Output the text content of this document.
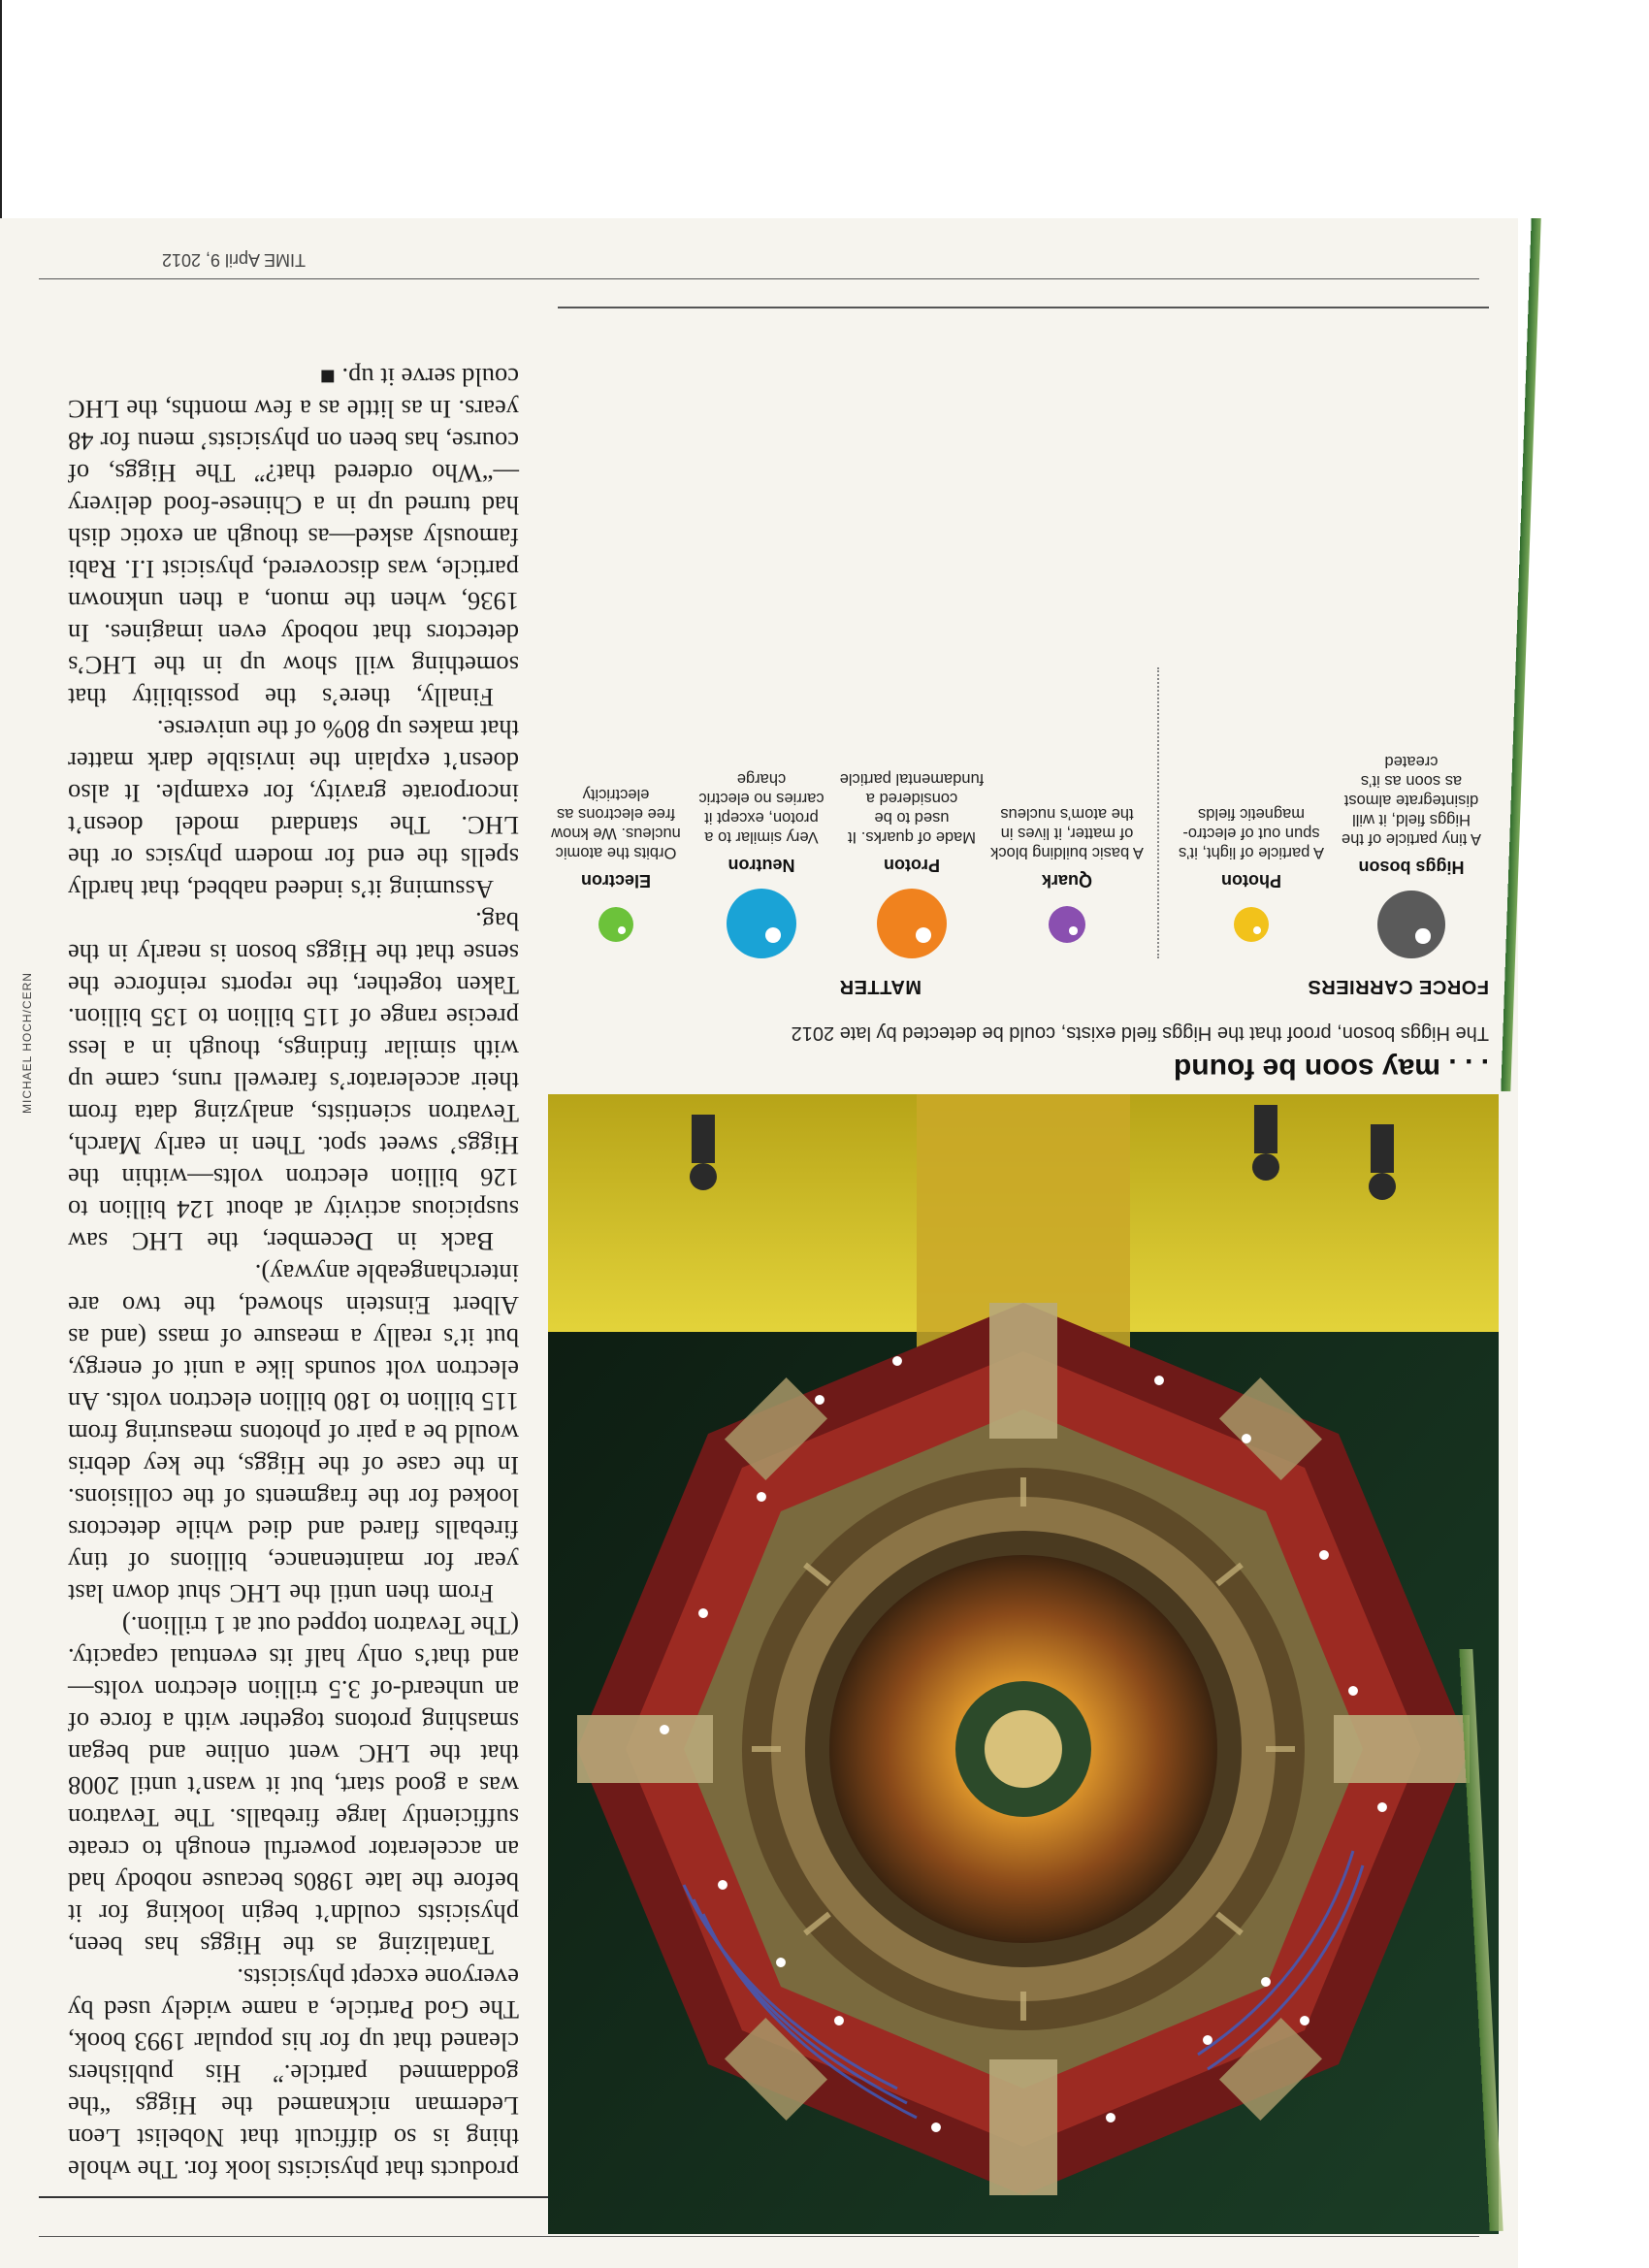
products that physicists look for. The whole thing is so difficult that Nobelist Leon Lederman nicknamed the Higgs “the goddamned particle.” His publishers cleaned that up for his popular 1993 book, The God Particle, a name widely used by everyone except physicists.

Tantalizing as the Higgs has been, physicists couldn’t begin looking for it before the late 1980s because nobody had an accelerator powerful enough to create sufficiently large fireballs. The Tevatron was a good start, but it wasn’t until 2008 that the LHC went online and began smashing protons together with a force of an unheard-of 3.5 trillion electron volts—and that’s only half its eventual capacity. (The Tevatron topped out at 1 trillion.)

From then until the LHC shut down last year for maintenance, billions of tiny fireballs flared and died while detectors looked for the fragments of the collisions. In the case of the Higgs, the key debris would be a pair of photons measuring from 115 billion to 180 billion electron volts. An electron volt sounds like a unit of energy, but it’s really a measure of mass (and as Albert Einstein showed, the two are interchangeable anyway).

Back in December, the LHC saw suspicious activity at about 124 billion to 126 billion electron volts—within the Higgs’ sweet spot. Then in early March, Tevatron scientists, analyzing data from their accelerator’s farewell runs, came up with similar findings, though in a less precise range of 115 billion to 135 billion. Taken together, the reports reinforce the sense that the Higgs boson is nearly in the bag.

Assuming it’s indeed nabbed, that hardly spells the end for modern physics or the LHC. The standard model doesn’t incorporate gravity, for example. It also doesn’t explain the invisible dark matter that makes up 80% of the universe.

Finally, there’s the possibility that something will show up in the LHC’s detectors that nobody even imagines. In 1936, when the muon, a then unknown particle, was discovered, physicist I.I. Rabi famously asked—as though an exotic dish had turned up in a Chinese-food delivery—“Who ordered that?” The Higgs, of course, has been on physicists’ menu for 48 years. In as little as a few months, the LHC could serve it up. ■

MICHAEL HOCH/CERN	. . . may soon be found
The Higgs boson, proof that the Higgs field exists, could be detected by late 2012
FORCE CARRIERS
MATTER
Higgs boson
A tiny particle of the Higgs field, it will disintegrate almost as soon as it’s created
Photon
A particle of light, it’s spun out of electro-magnetic fields
Quark
A basic building block of matter, it lives in the atom’s nucleus
Proton
Made of quarks. It used to be considered a fundamental particle
Neutron
Very similar to a proton, except it carries no electric charge
Electron
Orbits the atomic nucleus. We know free electrons as electricity
TIME April 9, 2012
